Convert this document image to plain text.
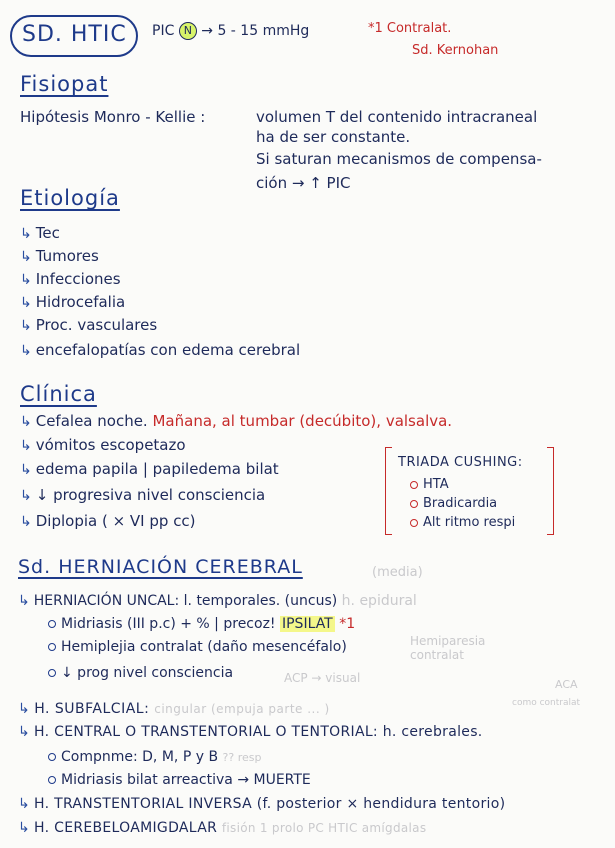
SD. HTIC PIC N → 5 - 15 mmHg	*1 Contralat.
Sd. Kernohan
Fisiopat
Hipótesis Monro - Kellie :	volumen T del contenido intracraneal
ha de ser constante.
Si saturan mecanismos de compensa-
ción → ↑ PIC
Etiología
↳ Tec
↳ Tumores
↳ Infecciones
↳ Hidrocefalia
↳ Proc. vasculares
↳ encefalopatías con edema cerebral
Clínica
↳ Cefalea noche. Mañana, al tumbar (decúbito), valsalva.
↳ vómitos escopetazo
↳ edema papila | papiledema bilat
↳ ↓ progresiva nivel consciencia
↳ Diplopia ( × VI pp cc)
TRIADA CUSHING:
HTA
Bradicardia
Alt ritmo respi
Sd. HERNIACIÓN CEREBRAL	(media)
↳ HERNIACIÓN UNCAL: l. temporales. (uncus) h. epidural
Midriasis (III p.c) + % | precoz! IPSILAT *1
Hemiplejia contralat (daño mesencéfalo)	Hemiparesia contralat
↓ prog nivel consciencia	ACP → visual	ACA
como contralat
↳ H. SUBFALCIAL: cingular (empuja parte ... )
↳ H. CENTRAL O TRANSTENTORIAL O TENTORIAL: h. cerebrales.
Compnme: D, M, P y B ?? resp
Midriasis bilat arreactiva → MUERTE
↳ H. TRANSTENTORIAL INVERSA (f. posterior × hendidura tentorio)
↳ H. CEREBELOAMIGDALAR fisión 1 prolo PC HTIC amígdalas
